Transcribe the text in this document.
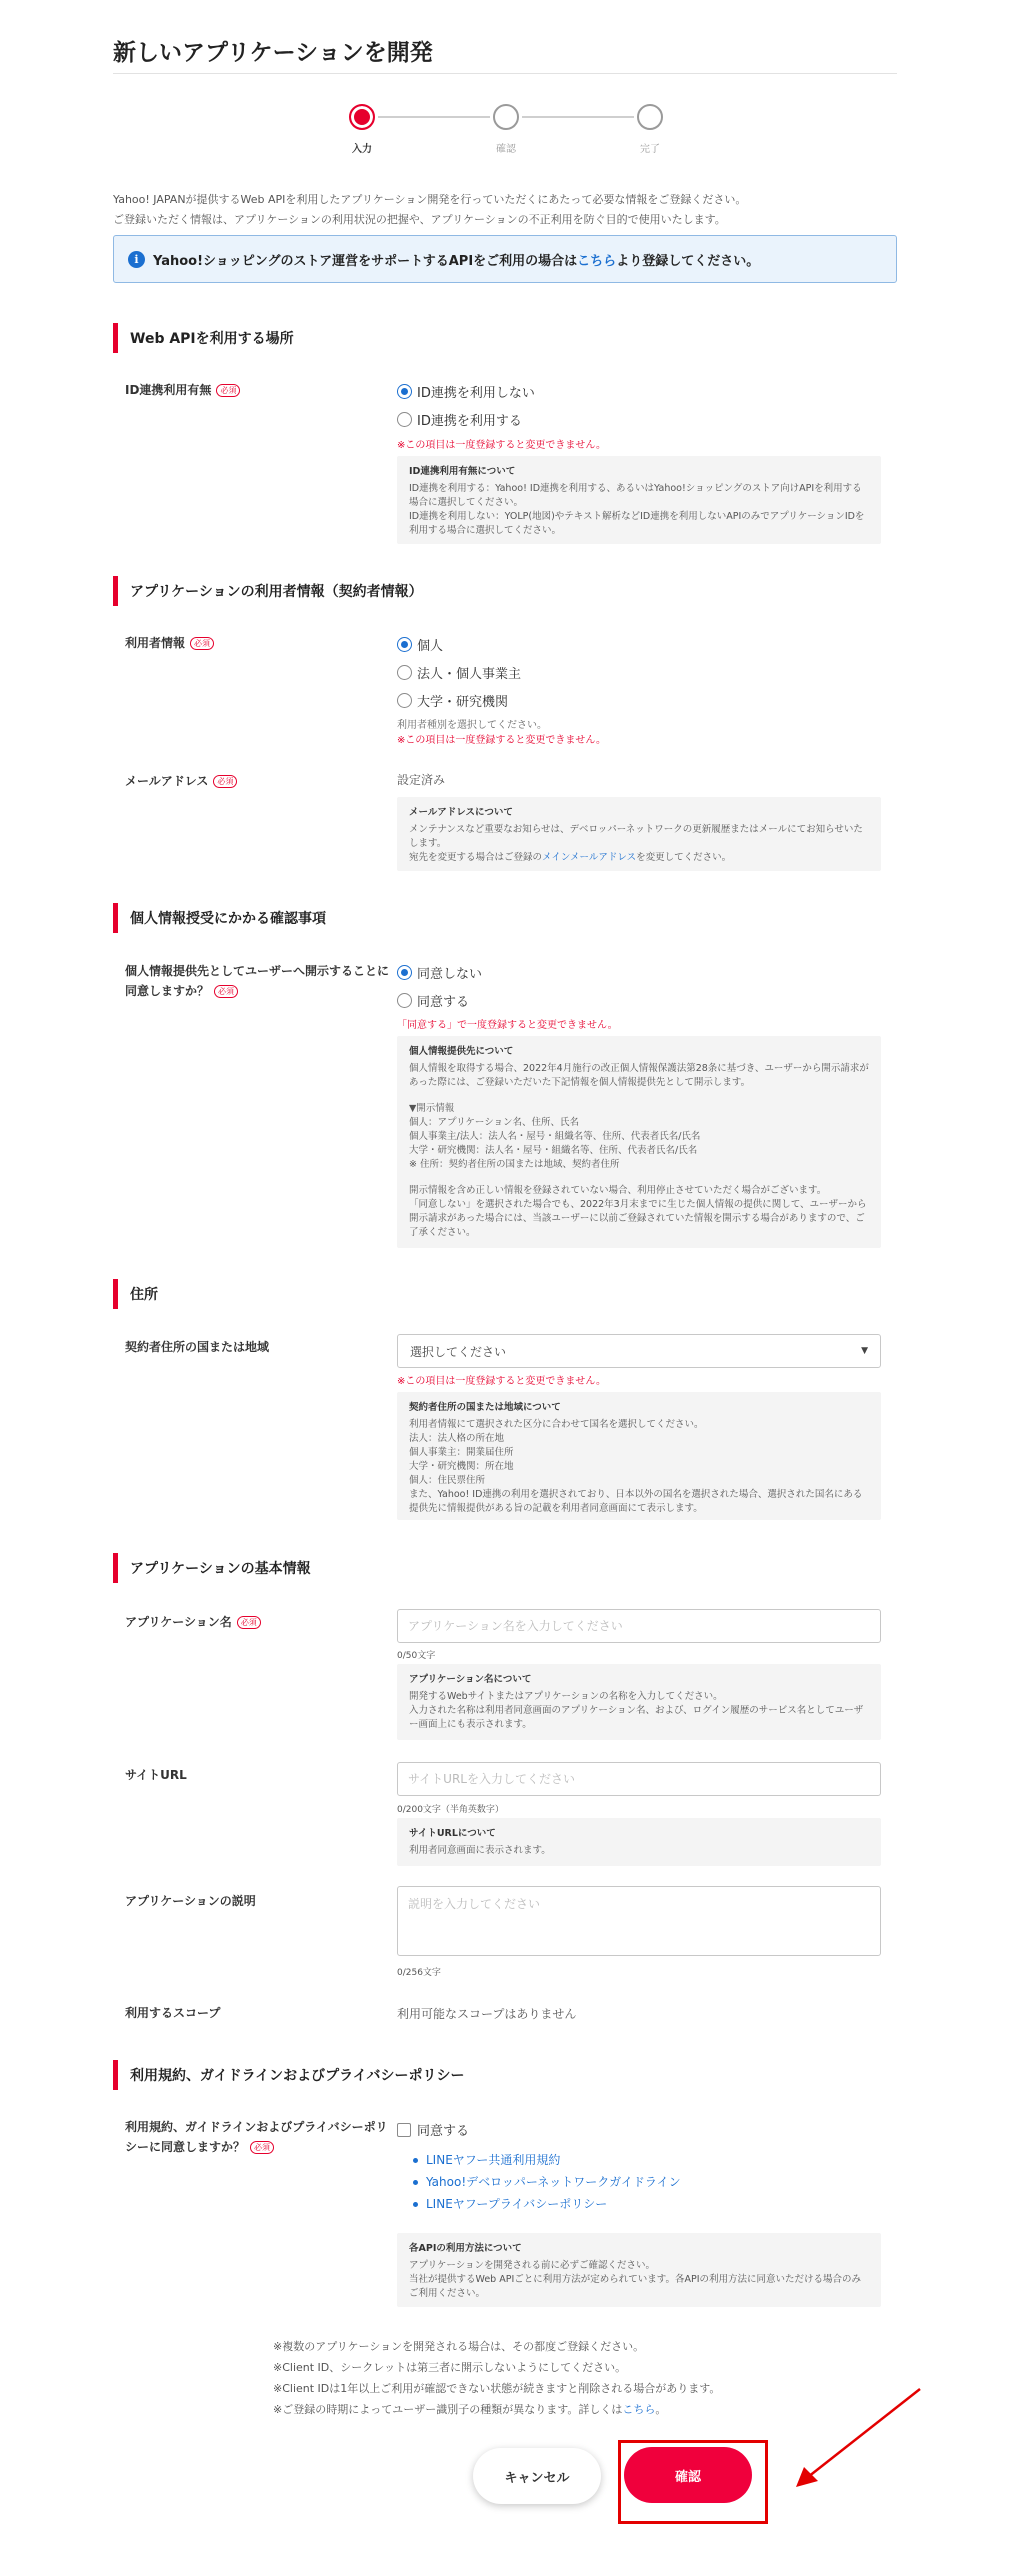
新しいアプリケーションを開発
入力	確認	完了
Yahoo! JAPANが提供するWeb APIを利用したアプリケーション開発を行っていただくにあたって必要な情報をご登録ください。
ご登録いただく情報は、アプリケーションの利用状況の把握や、アプリケーションの不正利用を防ぐ目的で使用いたします。
i	Yahoo!ショッピングのストア運営をサポートするAPIをご利用の場合は こちら より登録してください。
Web APIを利用する場所
ID連携利用有無 必須	ID連携を利用しない
ID連携を利用する
※この項目は一度登録すると変更できません。
ID連携利用有無について
ID連携を利用する：Yahoo! ID連携を利用する、あるいはYahoo!ショッピングのストア向けAPIを利用する場合に選択してください。
ID連携を利用しない：YOLP(地図)やテキスト解析などID連携を利用しないAPIのみでアプリケーションIDを利用する場合に選択してください。
アプリケーションの利用者情報（契約者情報）
利用者情報 必須	個人
法人・個人事業主
大学・研究機関
利用者種別を選択してください。
※この項目は一度登録すると変更できません。
メールアドレス 必須	設定済み
メールアドレスについて
メンテナンスなど重要なお知らせは、デベロッパーネットワークの更新履歴またはメールにてお知らせいたします。
宛先を変更する場合はご登録のメインメールアドレスを変更してください。
個人情報授受にかかる確認事項
個人情報提供先としてユーザーへ開示することに同意しますか？ 必須
同意しない
同意する
「同意する」で一度登録すると変更できません。
個人情報提供先について
個人情報を取得する場合、2022年4月施行の改正個人情報保護法第28条に基づき、ユーザーから開示請求があった際には、ご登録いただいた下記情報を個人情報提供先として開示します。
▼開示情報
個人：アプリケーション名、住所、氏名
個人事業主/法人：法人名・屋号・組織名等、住所、代表者氏名/氏名
大学・研究機関：法人名・屋号・組織名等、住所、代表者氏名/氏名
※ 住所：契約者住所の国または地域、契約者住所
開示情報を含め正しい情報を登録されていない場合、利用停止させていただく場合がございます。
「同意しない」を選択された場合でも、2022年3月末までに生じた個人情報の提供に関して、ユーザーから開示請求があった場合には、当該ユーザーに以前ご登録されていた情報を開示する場合がありますので、ご了承ください。
住所
契約者住所の国または地域	選択してください	▼
※この項目は一度登録すると変更できません。
契約者住所の国または地域について
利用者情報にて選択された区分に合わせて国名を選択してください。
法人：法人格の所在地
個人事業主：開業届住所
大学・研究機関：所在地
個人：住民票住所
また、Yahoo! ID連携の利用を選択されており、日本以外の国名を選択された場合、選択された国名にある提供先に情報提供がある旨の記載を利用者同意画面にて表示します。
アプリケーションの基本情報
アプリケーション名 必須
アプリケーション名を入力してください
0/50文字
アプリケーション名について
開発するWebサイトまたはアプリケーションの名称を入力してください。
入力された名称は利用者同意画面のアプリケーション名、および、ログイン履歴のサービス名としてユーザー画面上にも表示されます。
サイトURL
サイトURLを入力してください
0/200文字（半角英数字）
サイトURLについて
利用者同意画面に表示されます。
アプリケーションの説明
説明を入力してください
0/256文字
利用するスコープ	利用可能なスコープはありません
利用規約、ガイドラインおよびプライバシーポリシー
利用規約、ガイドラインおよびプライバシーポリシーに同意しますか？ 必須
同意する
LINEヤフー共通利用規約
Yahoo!デベロッパーネットワークガイドライン
LINEヤフープライバシーポリシー
各APIの利用方法について
アプリケーションを開発される前に必ずご確認ください。
当社が提供するWeb APIごとに利用方法が定められています。各APIの利用方法に同意いただける場合のみご利用ください。
※複数のアプリケーションを開発される場合は、その都度ご登録ください。
※Client ID、シークレットは第三者に開示しないようにしてください。
※Client IDは1年以上ご利用が確認できない状態が続きますと削除される場合があります。
※ご登録の時期によってユーザー識別子の種類が異なります。詳しくはこちら。
キャンセル	確認
